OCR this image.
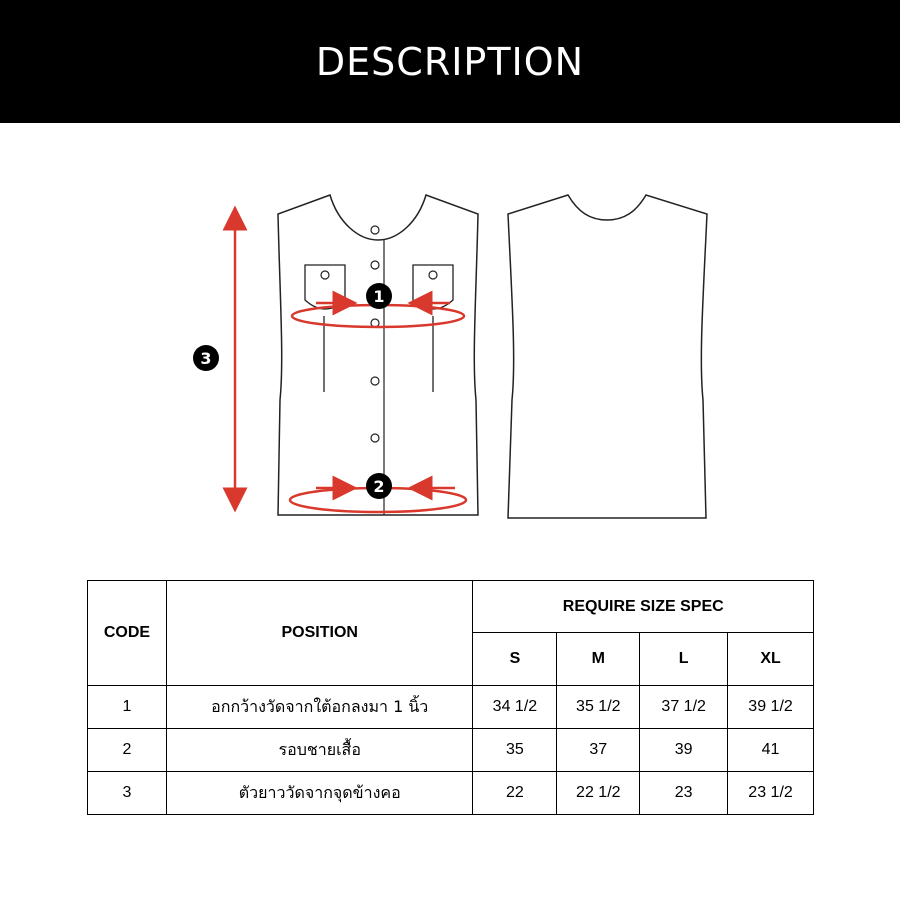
DESCRIPTION
1
2
3
CODE	POSITION	REQUIRE SIZE SPEC			
		S	M	L	XL
1	อกกว้างวัดจากใต้อกลงมา 1 นิ้ว	34 1/2	35 1/2	37 1/2	39 1/2
2	รอบชายเสื้อ	35	37	39	41
3	ตัวยาววัดจากจุดข้างคอ	22	22 1/2	23	23 1/2
